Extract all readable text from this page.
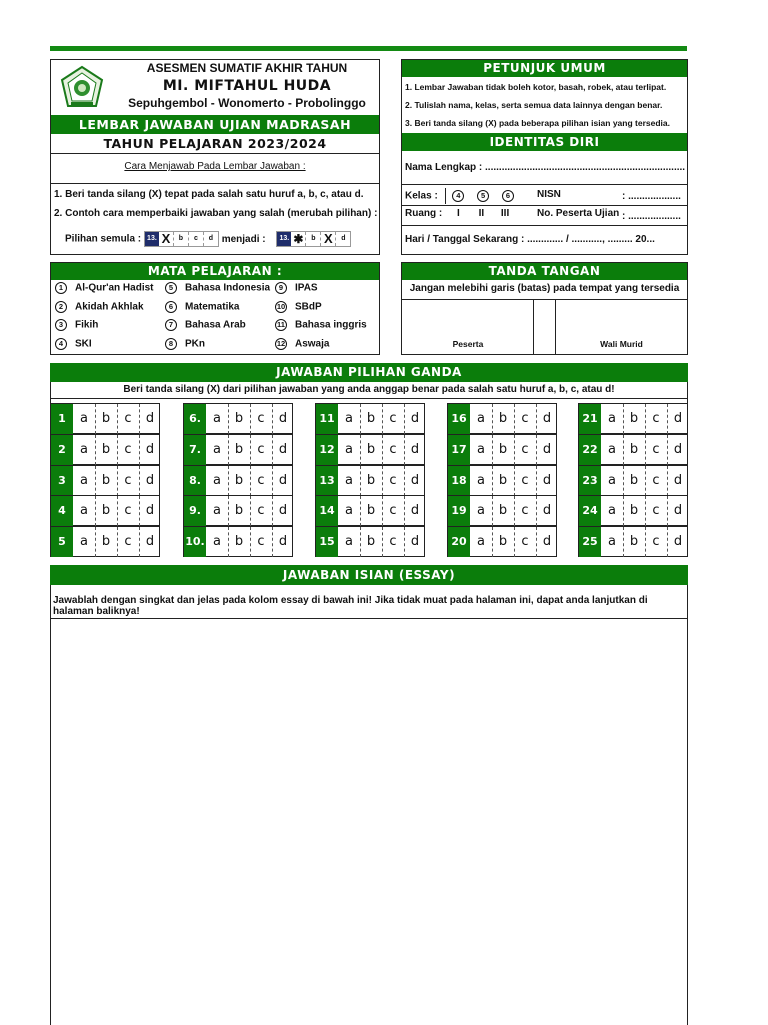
ASESMEN SUMATIF AKHIR TAHUN
MI. MIFTAHUL HUDA
Sepuhgembol - Wonomerto - Probolinggo
LEMBAR JAWABAN UJIAN MADRASAH
TAHUN PELAJARAN 2023/2024
Cara Menjawab Pada Lembar Jawaban :
1. Beri tanda silang (X) tepat pada salah satu huruf a, b, c, atau d.
2. Contoh cara memperbaiki jawaban yang salah (merubah pilihan) :
Pilihan semula : 13. X b c d menjadi : 13. ✱ b X d
PETUNJUK UMUM
1. Lembar Jawaban tidak boleh kotor, basah, robek, atau terlipat.
2. Tulislah nama, kelas, serta semua data lainnya dengan benar.
3. Beri tanda silang (X) pada beberapa pilihan isian yang tersedia.
IDENTITAS DIRI
Nama Lengkap : ........................................................................
Kelas : 4	5	6	NISN	: ...................
Ruang : I II III	No. Peserta Ujian : ...................
Hari / Tanggal Sekarang : ............. / ..........., ......... 20...
MATA PELAJARAN :
1 Al-Qur'an Hadist
2 Akidah Akhlak
3 Fikih
4 SKI
5 Bahasa Indonesia
6 Matematika
7 Bahasa Arab
8 PKn
9 IPAS
10 SBdP
11 Bahasa inggris
12 Aswaja
TANDA TANGAN
Jangan melebihi garis (batas) pada tempat yang tersedia
Peserta	Wali Murid
JAWABAN PILIHAN GANDA
Beri tanda silang (X) dari pilihan jawaban yang anda anggap benar pada salah satu huruf a, b, c, atau d!
1	a	b	c	d
2	a	b	c	d
3	a	b	c	d
4	a	b	c	d
5	a	b	c	d
6. a	b	c	d
7. a	b	c	d
8. a	b	c	d
9. a	b	c	d
10. a	b	c	d
11 a	b	c	d
12 a	b	c	d
13 a	b	c	d
14 a	b	c	d
15 a	b	c	d
16 a	b	c	d
17 a	b	c	d
18 a	b	c	d
19 a	b	c	d
20 a	b	c	d
21 a	b	c	d
22 a	b	c	d
23 a	b	c	d
24 a	b	c	d
25 a	b	c	d
JAWABAN ISIAN (ESSAY)
Jawablah dengan singkat dan jelas pada kolom essay di bawah ini! Jika tidak muat pada halaman ini, dapat anda lanjutkan di halaman baliknya!
